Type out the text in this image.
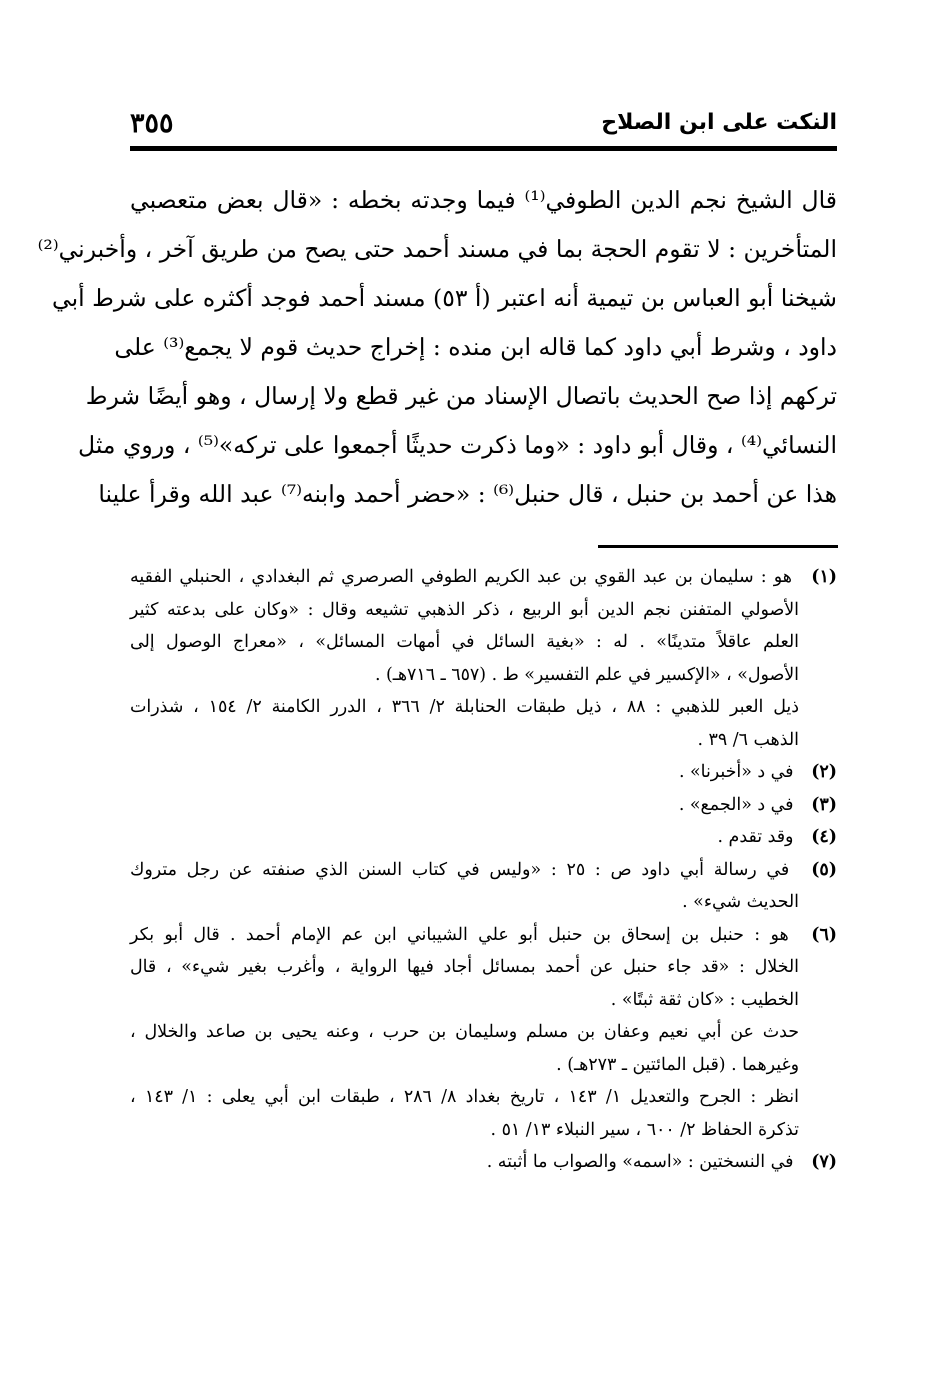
النكت على ابن الصلاح
٣٥٥
قال الشيخ نجم الدين الطوفي⁽¹⁾ فيما وجدته بخطه : «قال بعض متعصبي
المتأخرين : لا تقوم الحجة بما في مسند أحمد حتى يصح من طريق آخر ، وأخبرني⁽²⁾
شيخنا أبو العباس بن تيمية أنه اعتبر (أ ٥٣) مسند أحمد فوجد أكثره على شرط أبي
داود ، وشرط أبي داود كما قاله ابن منده : إخراج حديث قوم لا يجمع⁽³⁾ على
تركهم إذا صح الحديث باتصال الإسناد من غير قطع ولا إرسال ، وهو أيضًا شرط
النسائي⁽⁴⁾ ، وقال أبو داود : «وما ذكرت حديثًا أجمعوا على تركه»⁽⁵⁾ ، وروي مثل
هذا عن أحمد بن حنبل ، قال حنبل⁽⁶⁾ : «حضر أحمد وابنه⁽⁷⁾ عبد الله وقرأ علينا
(١) هو : سليمان بن عبد القوي بن عبد الكريم الطوفي الصرصري ثم البغدادي ، الحنبلي الفقيه
الأصولي المتفنن نجم الدين أبو الربيع ، ذكر الذهبي تشيعه وقال : «وكان على بدعته كثير
العلم عاقلاً متدينًا» . له : «بغية السائل في أمهات المسائل» ، «معراج الوصول إلى
الأصول» ، «الإكسير في علم التفسير» ط . (٦٥٧ ـ ٧١٦هـ) .
ذيل العبر للذهبي : ٨٨ ، ذيل طبقات الحنابلة ٢/ ٣٦٦ ، الدرر الكامنة ٢/ ١٥٤ ، شذرات
الذهب ٦/ ٣٩ .
(٢) في د «أخبرنا» .
(٣) في د «الجمع» .
(٤) وقد تقدم .
(٥) في رسالة أبي داود ص : ٢٥ : «وليس في كتاب السنن الذي صنفته عن رجل متروك
الحديث شيء» .
(٦) هو : حنبل بن إسحاق بن حنبل أبو علي الشيباني ابن عم الإمام أحمد . قال أبو بكر
الخلال : «قد جاء حنبل عن أحمد بمسائل أجاد فيها الرواية ، وأغرب بغير شيء» ، قال
الخطيب : «كان ثقة ثبتًا» .
حدث عن أبي نعيم وعفان بن مسلم وسليمان بن حرب ، وعنه يحيى بن صاعد والخلال ،
وغيرهما . (قبل المائتين ـ ٢٧٣هـ) .
انظر : الجرح والتعديل ١/ ١٤٣ ، تاريخ بغداد ٨/ ٢٨٦ ، طبقات ابن أبي يعلى : ١/ ١٤٣ ،
تذكرة الحفاظ ٢/ ٦٠٠ ، سير النبلاء ١٣/ ٥١ .
(٧) في النسختين : «اسمه» والصواب ما أثبته .
